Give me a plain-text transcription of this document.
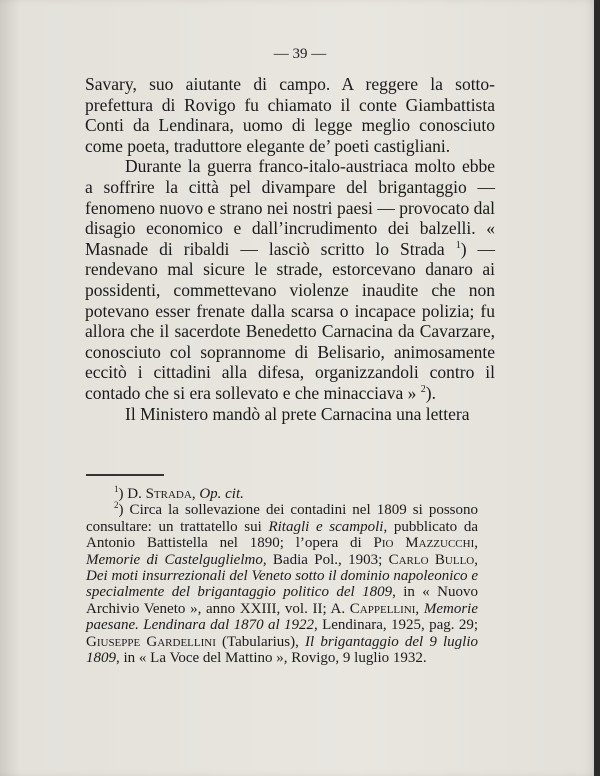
— 39 —

Savary, suo aiutante di campo. A reggere la sotto-prefettura di Rovigo fu chiamato il conte Giambattista Conti da Lendinara, uomo di legge meglio conosciuto come poeta, traduttore elegante de’ poeti castigliani.

Durante la guerra franco-italo-austriaca molto ebbe a soffrire la città pel divampare del brigantaggio — fenomeno nuovo e strano nei nostri paesi — provocato dal disagio economico e dall’incrudimento dei balzelli. « Masnade di ribaldi — lasciò scritto lo Strada $^1$) — rendevano mal sicure le strade, estorcevano danaro ai possidenti, commettevano violenze inaudite che non potevano esser frenate dalla scarsa o incapace polizia; fu allora che il sacerdote Benedetto Carnacina da Cavarzare, conosciuto col soprannome di Belisario, animosamente eccitò i cittadini alla difesa, organizzandoli contro il contado che si era sollevato e che minacciava » $^2$).

Il Ministero mandò al prete Carnacina una lettera

$^1$) D. Strada, Op. cit.

$^2$) Circa la sollevazione dei contadini nel 1809 si possono consultare: un trattatello sui Ritagli e scampoli, pubblicato da Antonio Battistella nel 1890; l’opera di Pio Mazzucchi, Memorie di Castelguglielmo, Badia Pol., 1903; Carlo Bullo, Dei moti insurrezionali del Veneto sotto il dominio napoleonico e specialmente del brigantaggio politico del 1809, in « Nuovo Archivio Veneto », anno XXIII, vol. II; A. Cappellini, Memorie paesane. Lendinara dal 1870 al 1922, Lendinara, 1925, pag. 29; Giuseppe Gardellini (Tabularius), Il brigantaggio del 9 luglio 1809, in « La Voce del Mattino », Rovigo, 9 luglio 1932.
